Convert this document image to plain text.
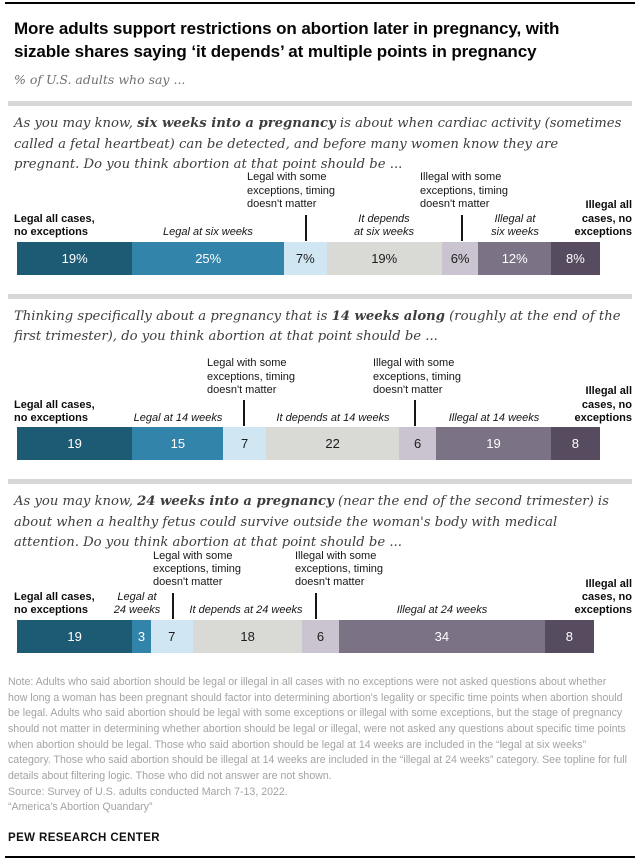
More adults support restrictions on abortion later in pregnancy, with sizable shares saying ‘it depends’ at multiple points in pregnancy

% of U.S. adults who say ...

As you may know, six weeks into a pregnancy is about when cardiac activity (sometimes called a fetal heartbeat) can be detected, and before many women know they are pregnant. Do you think abortion at that point should be ...

Legal all cases,
no exceptions	Legal at six weeks
Legal with some
exceptions, timing
doesn't matter
It depends
at six weeks
Illegal with some
exceptions, timing
doesn't matter
Illegal at
six weeks
Illegal all
cases, no
exceptions
19%	25%	7%	19%	6% 12%	8%

Thinking specifically about a pregnancy that is 14 weeks along (roughly at the end of the first trimester), do you think abortion at that point should be ...

Legal all cases,
no exceptions	Legal at 14 weeks
Legal with some
exceptions, timing
doesn't matter
It depends at 14 weeks
Illegal with some
exceptions, timing
doesn't matter
Illegal at 14 weeks
Illegal all
cases, no
exceptions
19	15	7	22	6	19	8

As you may know, 24 weeks into a pregnancy (near the end of the second trimester) is about when a healthy fetus could survive outside the woman's body with medical attention. Do you think abortion at that point should be ...

Legal all cases,
no exceptions
Legal at
24 weeks
Legal with some
exceptions, timing
doesn't matter
It depends at 24 weeks
Illegal with some
exceptions, timing
doesn't matter
Illegal at 24 weeks
Illegal all
cases, no
exceptions
19	3 7	18	6	34	8

Note: Adults who said abortion should be legal or illegal in all cases with no exceptions were not asked questions about whether how long a woman has been pregnant should factor into determining abortion's legality or specific time points when abortion should be legal. Adults who said abortion should be legal with some exceptions or illegal with some exceptions, but the stage of pregnancy should not matter in determining whether abortion should be legal or illegal, were not asked any questions about specific time points when abortion should be legal. Those who said abortion should be legal at 14 weeks are included in the “legal at six weeks” category. Those who said abortion should be illegal at 14 weeks are included in the “illegal at 24 weeks” category. See topline for full details about filtering logic. Those who did not answer are not shown.

Source: Survey of U.S. adults conducted March 7-13, 2022.

“America's Abortion Quandary”

PEW RESEARCH CENTER
